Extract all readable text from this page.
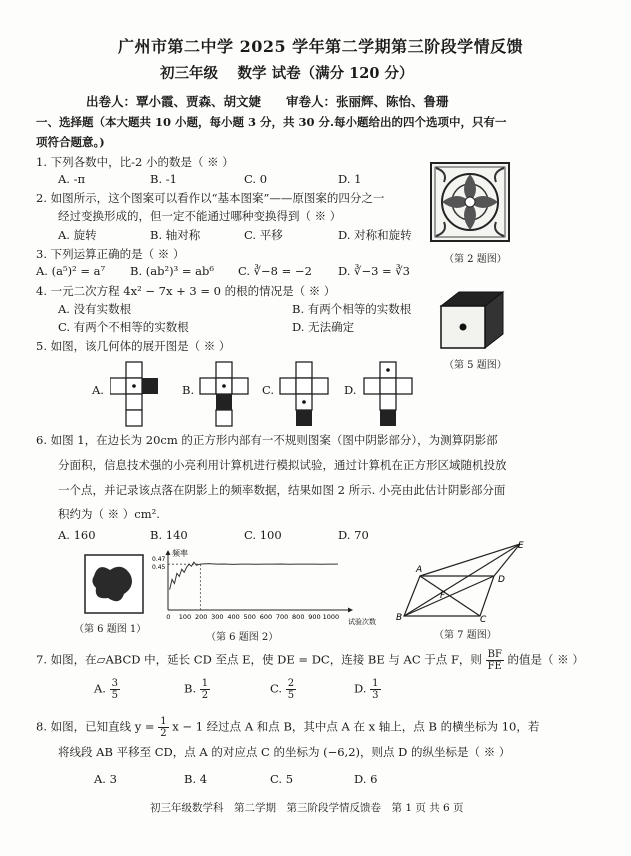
广州市第二中学 2025 学年第二学期第三阶段学情反馈
初三年级　 数学 试卷（满分 120 分）
出卷人：覃小霞、贾森、胡文婕　　审卷人：张丽辉、陈怡、鲁珊
一、选择题（本大题共 10 小题，每小题 3 分，共 30 分.每小题给出的四个选项中，只有一
项符合题意。)
1. 下列各数中，比-2 小的数是（ ※ ）
A. -π	B. -1	C. 0	D. 1
2. 如图所示，这个图案可以看作以“基本图案”——原图案的四分之一
经过变换形成的，但一定不能通过哪种变换得到（ ※ ）
A. 旋转	B. 轴对称	C. 平移	D. 对称和旋转
（第 2 题图）
3. 下列运算正确的是（ ※ ）
A. (a⁵)² = a⁷ B. (ab²)³ = ab⁶ C. ∛−8 = −2 D. ∛−3 = ∛3
4. 一元二次方程 4x² − 7x + 3 = 0 的根的情况是（ ※ ）
A. 没有实数根	B. 有两个相等的实数根
C. 有两个不相等的实数根	D. 无法确定
（第 5 题图）
5. 如图，该几何体的展开图是（ ※ ）
A.	B.	C.	D.
6. 如图 1，在边长为 20cm 的正方形内部有一不规则图案（图中阴影部分），为测算阴影部
分面积，信息技术强的小亮利用计算机进行模拟试验，通过计算机在正方形区域随机投放
一个点，并记录该点落在阴影上的频率数据，结果如图 2 所示. 小亮由此估计阴影部分面
积约为（ ※ ）cm².
A. 160	B. 140	C. 100	D. 70
（第 6 题图 1）
频率
试验次数
0 100 200 300 400 500 600 700 800 900 1000
0.47
0.45
（第 6 题图 2）
A
B	C
D
E
F
（第 7 题图）
7. 如图，在▱ABCD 中，延长 CD 至点 E，使 DE = DC，连接 BE 与 AC 于点 F，则 $\frac{BF}{FE}$ 的值是（ ※ ）
A. $\frac{3}{5}$	B. $\frac{1}{2}$	C. $\frac{2}{5}$	D. $\frac{1}{3}$
8. 如图，已知直线 $y = \frac{1}{2}$ x − 1 经过点 A 和点 B，其中点 A 在 x 轴上，点 B 的横坐标为 10，若
将线段 AB 平移至 CD，点 A 的对应点 C 的坐标为 (−6,2)，则点 D 的纵坐标是（ ※ ）
A. 3	B. 4	C. 5	D. 6
初三年级数学科　第二学期　第三阶段学情反馈卷　第 1 页 共 6 页
